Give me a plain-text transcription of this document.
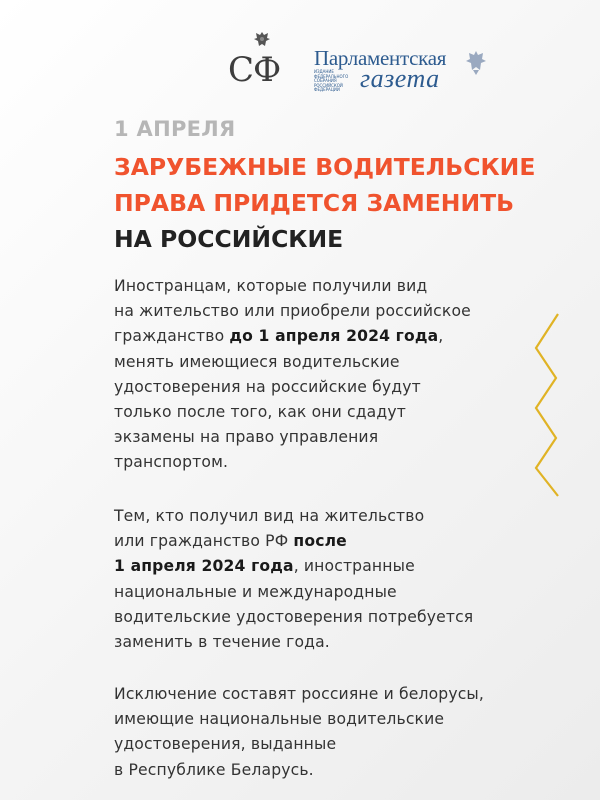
СФ Парламентская
ИЗДАНИЕ ФЕДЕРАЛЬНОГО СОБРАНИЯ РОССИЙСКОЙ ФЕДЕРАЦИИ газета
1 АПРЕЛЯ
ЗАРУБЕЖНЫЕ ВОДИТЕЛЬСКИЕ
ПРАВА ПРИДЕТСЯ ЗАМЕНИТЬ
НА РОССИЙСКИЕ
Иностранцам, которые получили вид
на жительство или приобрели российское
гражданство до 1 апреля 2024 года,
менять имеющиеся водительские
удостоверения на российские будут
только после того, как они сдадут
экзамены на право управления
транспортом.
Тем, кто получил вид на жительство
или гражданство РФ после
1 апреля 2024 года, иностранные
национальные и международные
водительские удостоверения потребуется
заменить в течение года.
Исключение составят россияне и белорусы,
имеющие национальные водительские
удостоверения, выданные
в Республике Беларусь.
